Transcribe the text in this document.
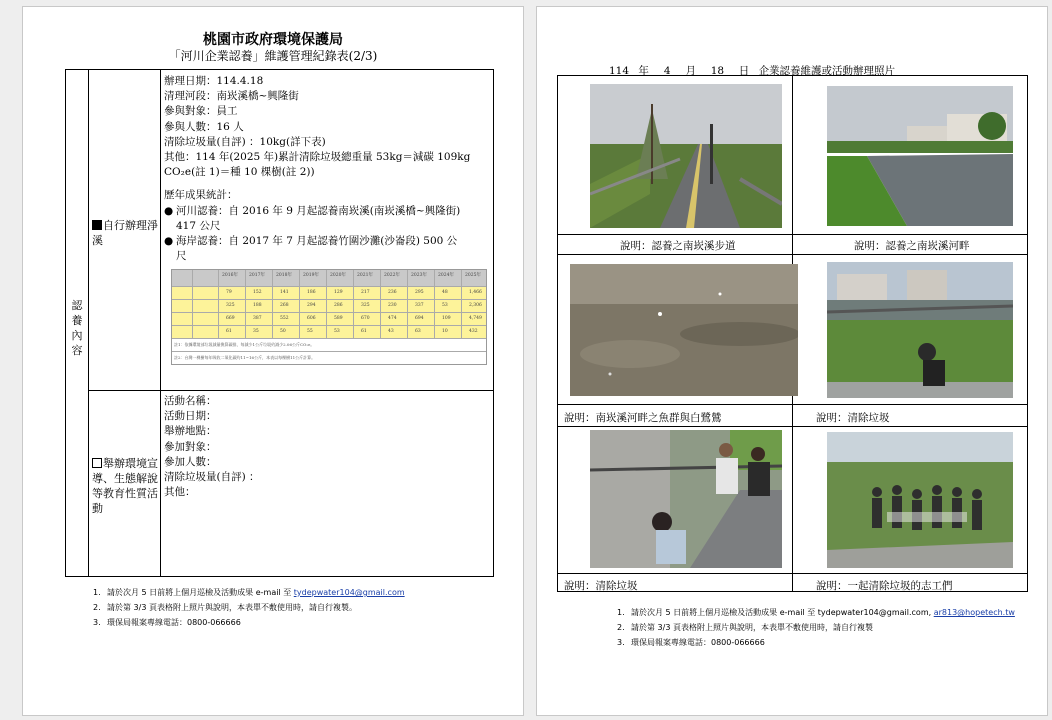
桃園市政府環境保護局
「河川企業認養」維護管理紀錄表(2/3)
認養內容
自行辦理淨溪
辦理日期：114.4.18
清理河段：南崁溪橋~興隆街
參與對象：員工
參與人數：16 人
清除垃圾量(自評) ：10kg(詳下表)
其他：114 年(2025 年)累計清除垃圾總重量 53kg＝減碳 109kg
CO₂e(註 1)＝種 10 棵樹(註 2))
歷年成果統計：
● 河川認養：自 2016 年 9 月起認養南崁溪(南崁溪橋~興隆街)
417 公尺
● 海岸認養：自 2017 年 7 月起認養竹圍沙灘(沙崙段) 500 公
尺
舉辦環境宣導、生態解說等教育性質活動
活動名稱：
活動日期：
舉辦地點：
參加對象：
參加人數：
清除垃圾量(自評) ：
其他：
2016年 2017年 2018年 2019年 2020年 2021年 2022年 2023年 2024年 2025年
79	152	141	186	129	217	236	295	48	1,466
325	188	268	294	286	325	230	337	53	2,306
669	387	552	606	589	670	474	694	109	4,749
61	35	50	55	53	61	43	63	10	432
註1：依據環境部垃圾減量換算碳排，每減少1公斤垃圾約減少2.06公斤CO₂e。
註2：台灣一棵樹每年吸收二氧化碳約11~16公斤，本表以每棵樹11公斤計算。
1. 請於次月 5 日前將上個月巡檢及活動成果 e-mail 至 tydepwater104@gmail.com
2. 請於第 3/3 頁表格附上照片與說明，本表單不敷使用時，請自行複製。
3. 環保局報案專線電話：0800-066666
114 年 4 月 18 日 企業認養維護或活動辦理照片
說明：認養之南崁溪步道	說明：認養之南崁溪河畔
說明：南崁溪河畔之魚群與白鷺鷥	說明：清除垃圾
說明：清除垃圾	說明：一起清除垃圾的志工們
1. 請於次月 5 日前將上個月巡檢及活動成果 e-mail 至 tydepwater104@gmail.com, ar813@hopetech.tw
2. 請於第 3/3 頁表格附上照片與說明，本表單不敷使用時，請自行複製
3. 環保局報案專線電話：0800-066666
